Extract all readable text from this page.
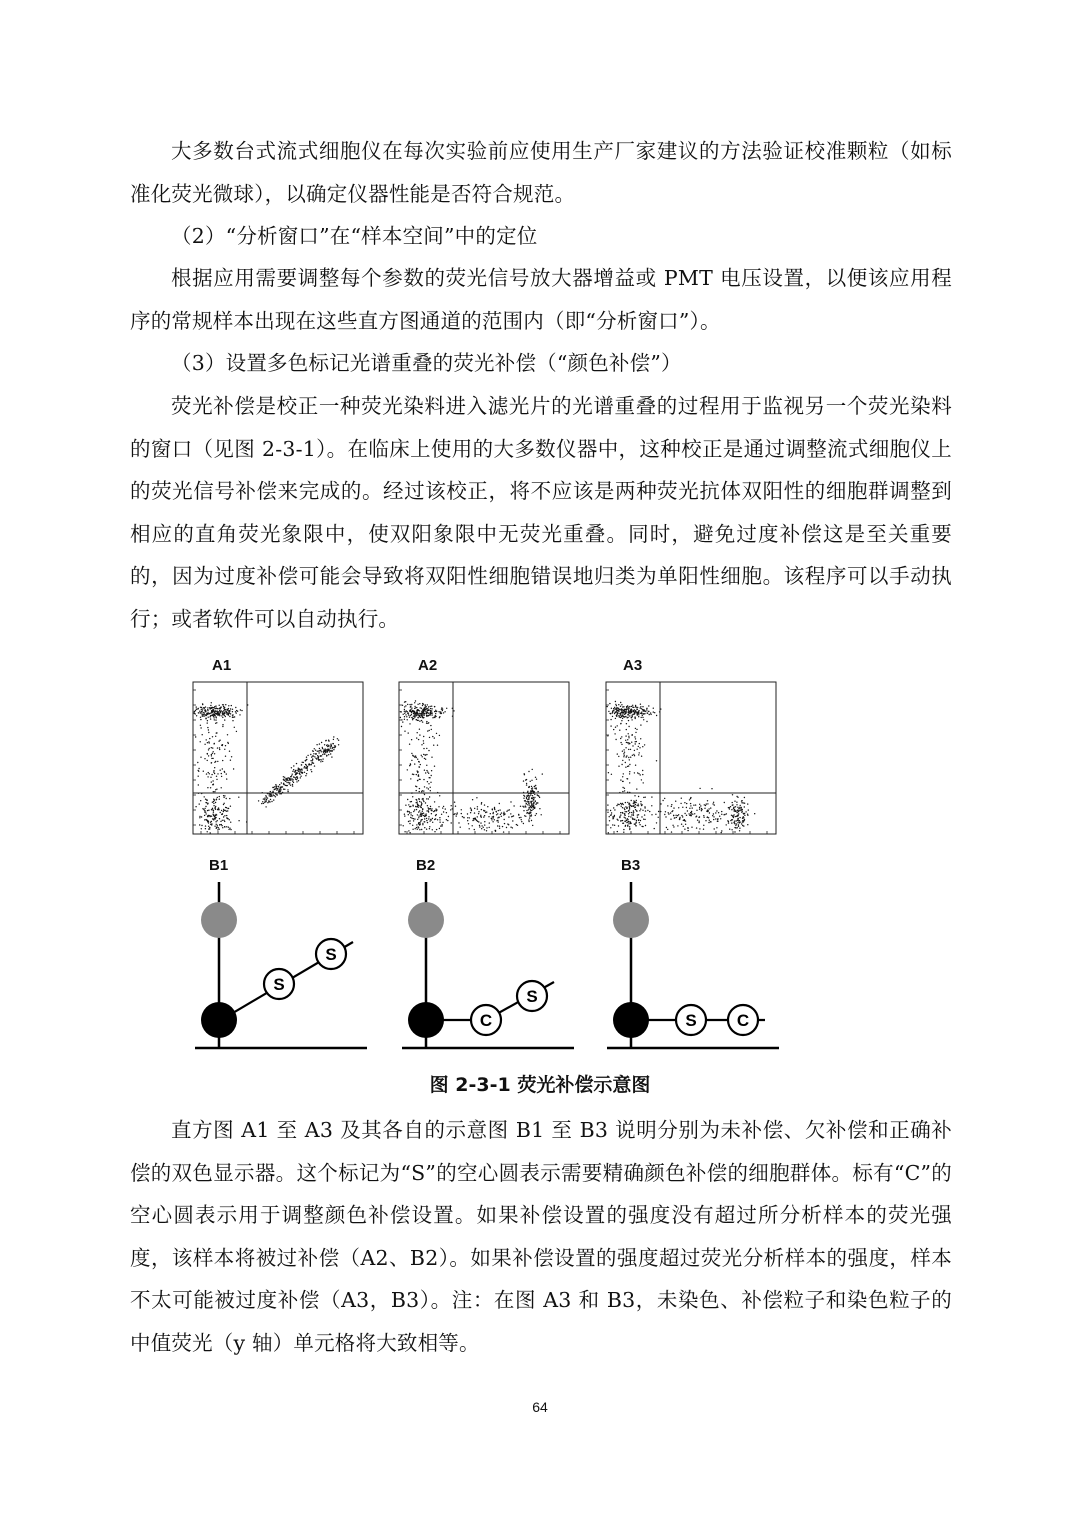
大多数台式流式细胞仪在每次实验前应使用生产厂家建议的方法验证校准颗粒（如标准化荧光微球），以确定仪器性能是否符合规范。

（2）“分析窗口”在“样本空间”中的定位

根据应用需要调整每个参数的荧光信号放大器增益或 PMT 电压设置，以便该应用程序的常规样本出现在这些直方图通道的范围内（即“分析窗口”）。

（3）设置多色标记光谱重叠的荧光补偿（“颜色补偿”）

荧光补偿是校正一种荧光染料进入滤光片的光谱重叠的过程用于监视另一个荧光染料的窗口（见图 2-3-1）。在临床上使用的大多数仪器中，这种校正是通过调整流式细胞仪上的荧光信号补偿来完成的。经过该校正，将不应该是两种荧光抗体双阳性的细胞群调整到相应的直角荧光象限中，使双阳象限中无荧光重叠。同时，避免过度补偿这是至关重要的，因为过度补偿可能会导致将双阳性细胞错误地归类为单阳性细胞。该程序可以手动执行；或者软件可以自动执行。

A1	A2	A3
B1	B2	B3
S
S
C
S
S C
图 2-3-1 荧光补偿示意图

直方图 A1 至 A3 及其各自的示意图 B1 至 B3 说明分别为未补偿、欠补偿和正确补偿的双色显示器。这个标记为“S”的空心圆表示需要精确颜色补偿的细胞群体。标有“C”的空心圆表示用于调整颜色补偿设置。如果补偿设置的强度没有超过所分析样本的荧光强度，该样本将被过补偿（A2、B2）。如果补偿设置的强度超过荧光分析样本的强度，样本不太可能被过度补偿（A3，B3）。注：在图 A3 和 B3，未染色、补偿粒子和染色粒子的中值荧光（y 轴）单元格将大致相等。

64
